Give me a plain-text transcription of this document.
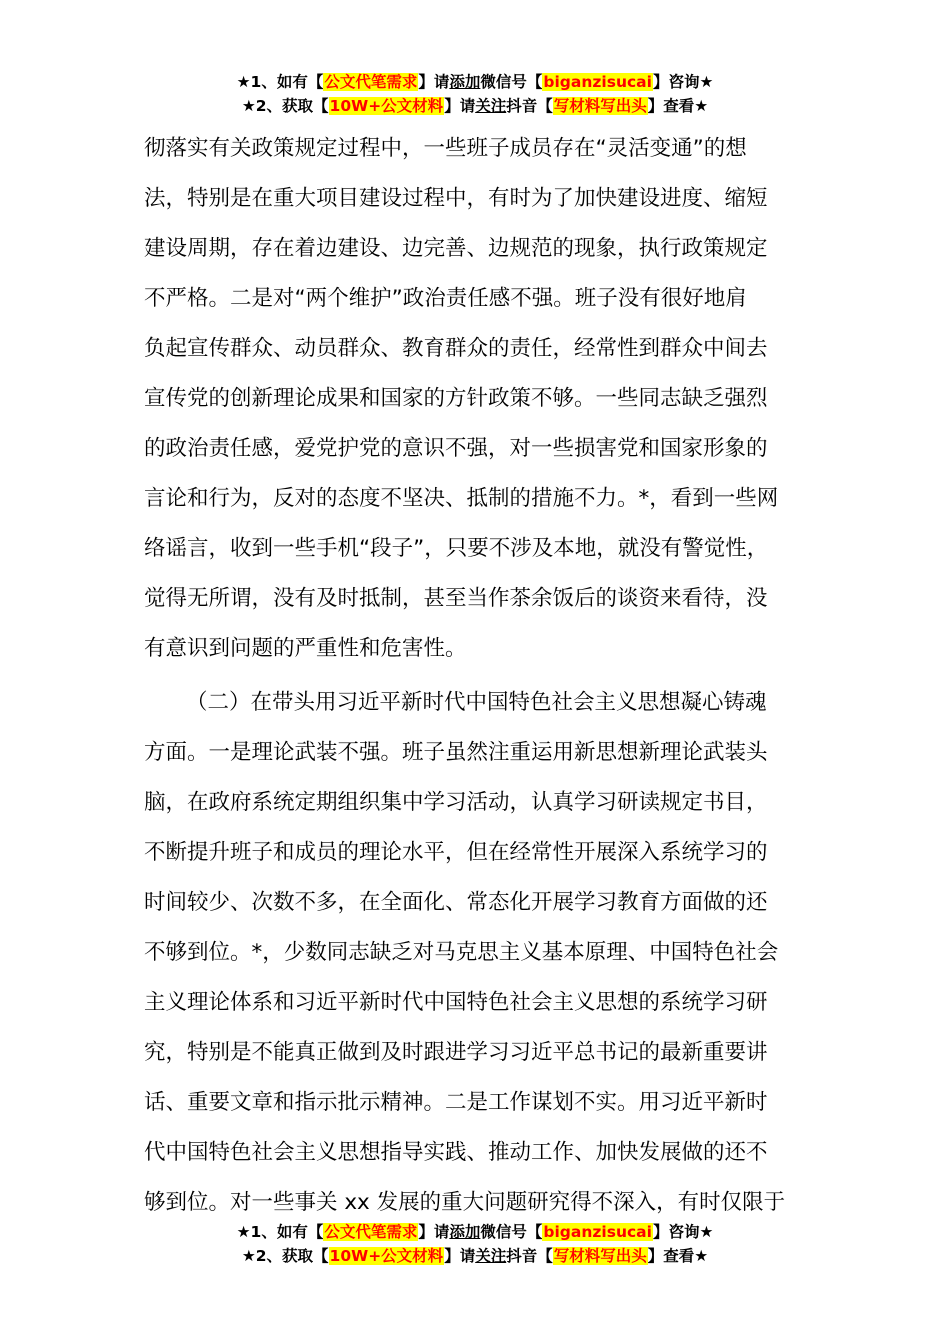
★1、如有【公文代笔需求】请添加微信号【biganzisucai】咨询★
★2、获取【10W+公文材料】请关注抖音【写材料写出头】查看★
彻落实有关政策规定过程中，一些班子成员存在“灵活变通”的想
法，特别是在重大项目建设过程中，有时为了加快建设进度、缩短
建设周期，存在着边建设、边完善、边规范的现象，执行政策规定
不严格。二是对“两个维护”政治责任感不强。班子没有很好地肩
负起宣传群众、动员群众、教育群众的责任，经常性到群众中间去
宣传党的创新理论成果和国家的方针政策不够。一些同志缺乏强烈
的政治责任感，爱党护党的意识不强，对一些损害党和国家形象的
言论和行为，反对的态度不坚决、抵制的措施不力。*，看到一些网
络谣言，收到一些手机“段子”，只要不涉及本地，就没有警觉性，
觉得无所谓，没有及时抵制，甚至当作茶余饭后的谈资来看待，没
有意识到问题的严重性和危害性。
（二）在带头用习近平新时代中国特色社会主义思想凝心铸魂
方面。一是理论武装不强。班子虽然注重运用新思想新理论武装头
脑，在政府系统定期组织集中学习活动，认真学习研读规定书目，
不断提升班子和成员的理论水平，但在经常性开展深入系统学习的
时间较少、次数不多，在全面化、常态化开展学习教育方面做的还
不够到位。*，少数同志缺乏对马克思主义基本原理、中国特色社会
主义理论体系和习近平新时代中国特色社会主义思想的系统学习研
究，特别是不能真正做到及时跟进学习习近平总书记的最新重要讲
话、重要文章和指示批示精神。二是工作谋划不实。用习近平新时
代中国特色社会主义思想指导实践、推动工作、加快发展做的还不
够到位。对一些事关 xx 发展的重大问题研究得不深入，有时仅限于
★1、如有【公文代笔需求】请添加微信号【biganzisucai】咨询★
★2、获取【10W+公文材料】请关注抖音【写材料写出头】查看★
